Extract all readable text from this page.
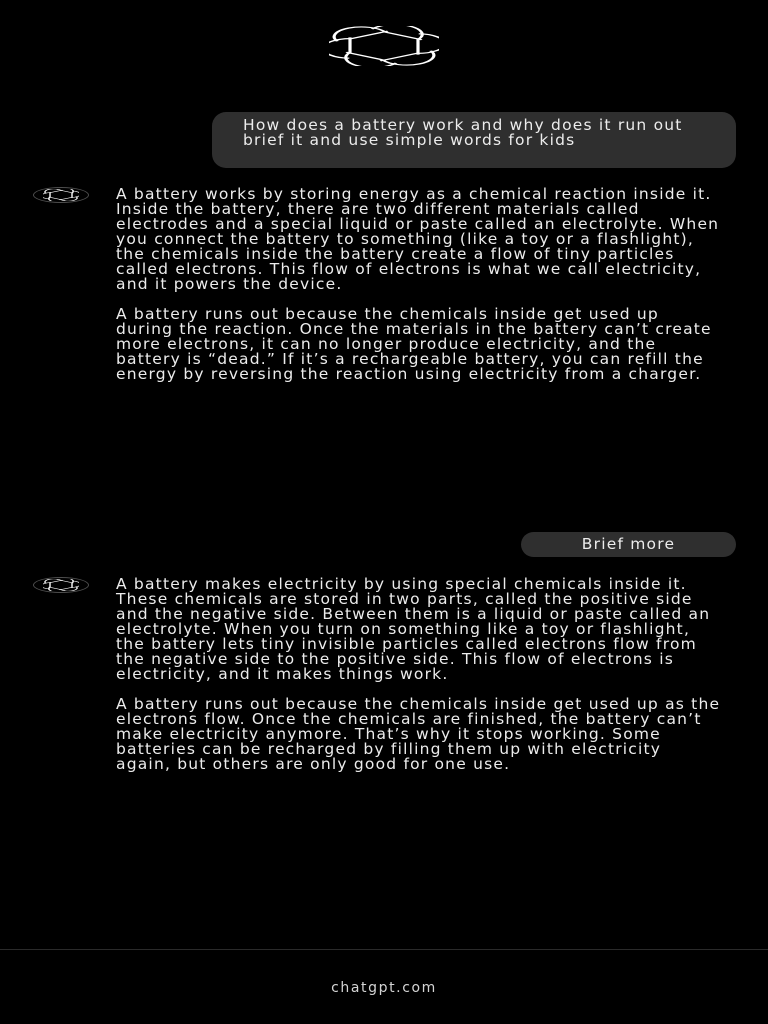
How does a battery work and why does it run out brief it and use simple words for kids

A battery works by storing energy as a chemical reaction inside it. Inside the battery, there are two different materials called electrodes and a special liquid or paste called an electrolyte. When you connect the battery to something (like a toy or a flashlight), the chemicals inside the battery create a flow of tiny particles called electrons. This flow of electrons is what we call electricity, and it powers the device.

A battery runs out because the chemicals inside get used up during the reaction. Once the materials in the battery can’t create more electrons, it can no longer produce electricity, and the battery is “dead.” If it’s a rechargeable battery, you can refill the energy by reversing the reaction using electricity from a charger.

Brief more

A battery makes electricity by using special chemicals inside it. These chemicals are stored in two parts, called the positive side and the negative side. Between them is a liquid or paste called an electrolyte. When you turn on something like a toy or flashlight, the battery lets tiny invisible particles called electrons flow from the negative side to the positive side. This flow of electrons is electricity, and it makes things work.

A battery runs out because the chemicals inside get used up as the electrons flow. Once the chemicals are finished, the battery can’t make electricity anymore. That’s why it stops working. Some batteries can be recharged by filling them up with electricity again, but others are only good for one use.

chatgpt.com
